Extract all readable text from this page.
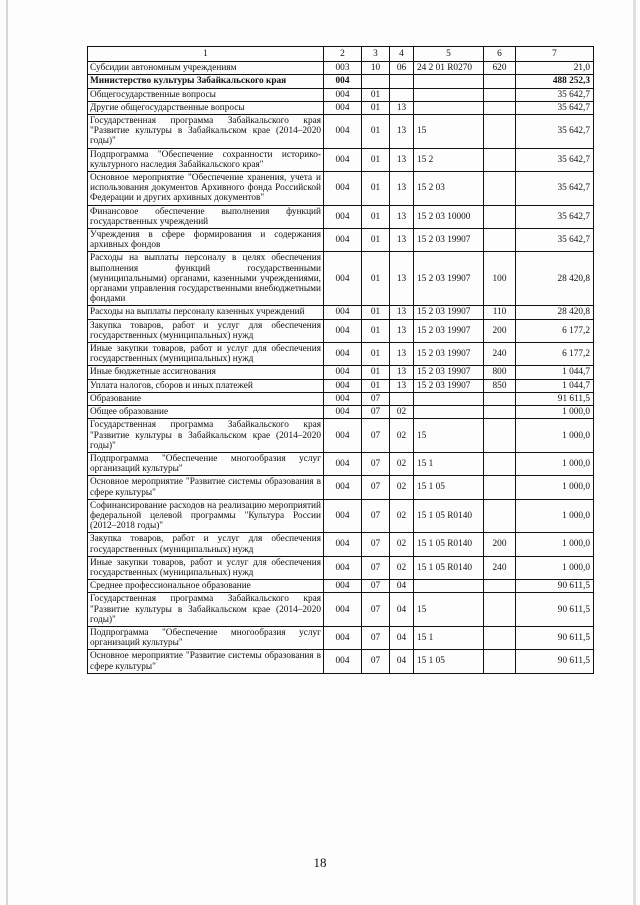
1	2	3	4	5	6	7
Субсидии автономным учреждениям	003	10	06	24 2 01 R0270	620	21,0
Министерство культуры Забайкальского края	004					488 252,3
Общегосударственные вопросы	004	01				35 642,7
Другие общегосударственные вопросы	004	01	13			35 642,7
Государственная программа Забайкальского края "Развитие культуры в Забайкальском крае (2014–2020 годы)"	004	01	13	15		35 642,7
Подпрограмма "Обеспечение сохранности историко-культурного наследия Забайкальского края"	004	01	13	15 2		35 642,7
Основное мероприятие "Обеспечение хранения, учета и использования документов Архивного фонда Российской Федерации и других архивных документов"	004	01	13	15 2 03		35 642,7
Финансовое обеспечение выполнения функций государственных учреждений	004	01	13	15 2 03 10000		35 642,7
Учреждения в сфере формирования и содержания архивных фондов	004	01	13	15 2 03 19907		35 642,7
Расходы на выплаты персоналу в целях обеспечения выполнения функций государственными (муниципальными) органами, казенными учреждениями, органами управления государственными внебюджетными фондами	004	01	13	15 2 03 19907	100	28 420,8
Расходы на выплаты персоналу казенных учреждений	004	01	13	15 2 03 19907	110	28 420,8
Закупка товаров, работ и услуг для обеспечения государственных (муниципальных) нужд	004	01	13	15 2 03 19907	200	6 177,2
Иные закупки товаров, работ и услуг для обеспечения государственных (муниципальных) нужд	004	01	13	15 2 03 19907	240	6 177,2
Иные бюджетные ассигнования	004	01	13	15 2 03 19907	800	1 044,7
Уплата налогов, сборов и иных платежей	004	01	13	15 2 03 19907	850	1 044,7
Образование	004	07				91 611,5
Общее образование	004	07	02			1 000,0
Государственная программа Забайкальского края "Развитие культуры в Забайкальском крае (2014–2020 годы)"	004	07	02	15		1 000,0
Подпрограмма "Обеспечение многообразия услуг организаций культуры"	004	07	02	15 1		1 000,0
Основное мероприятие "Развитие системы образования в сфере культуры"	004	07	02	15 1 05		1 000,0
Софинансирование расходов на реализацию мероприятий федеральной целевой программы "Культура России (2012–2018 годы)"	004	07	02	15 1 05 R0140		1 000,0
Закупка товаров, работ и услуг для обеспечения государственных (муниципальных) нужд	004	07	02	15 1 05 R0140	200	1 000,0
Иные закупки товаров, работ и услуг для обеспечения государственных (муниципальных) нужд	004	07	02	15 1 05 R0140	240	1 000,0
Среднее профессиональное образование	004	07	04			90 611,5
Государственная программа Забайкальского края "Развитие культуры в Забайкальском крае (2014–2020 годы)"	004	07	04	15		90 611,5
Подпрограмма "Обеспечение многообразия услуг организаций культуры"	004	07	04	15 1		90 611,5
Основное мероприятие "Развитие системы образования в сфере культуры"	004	07	04	15 1 05		90 611,5
18
